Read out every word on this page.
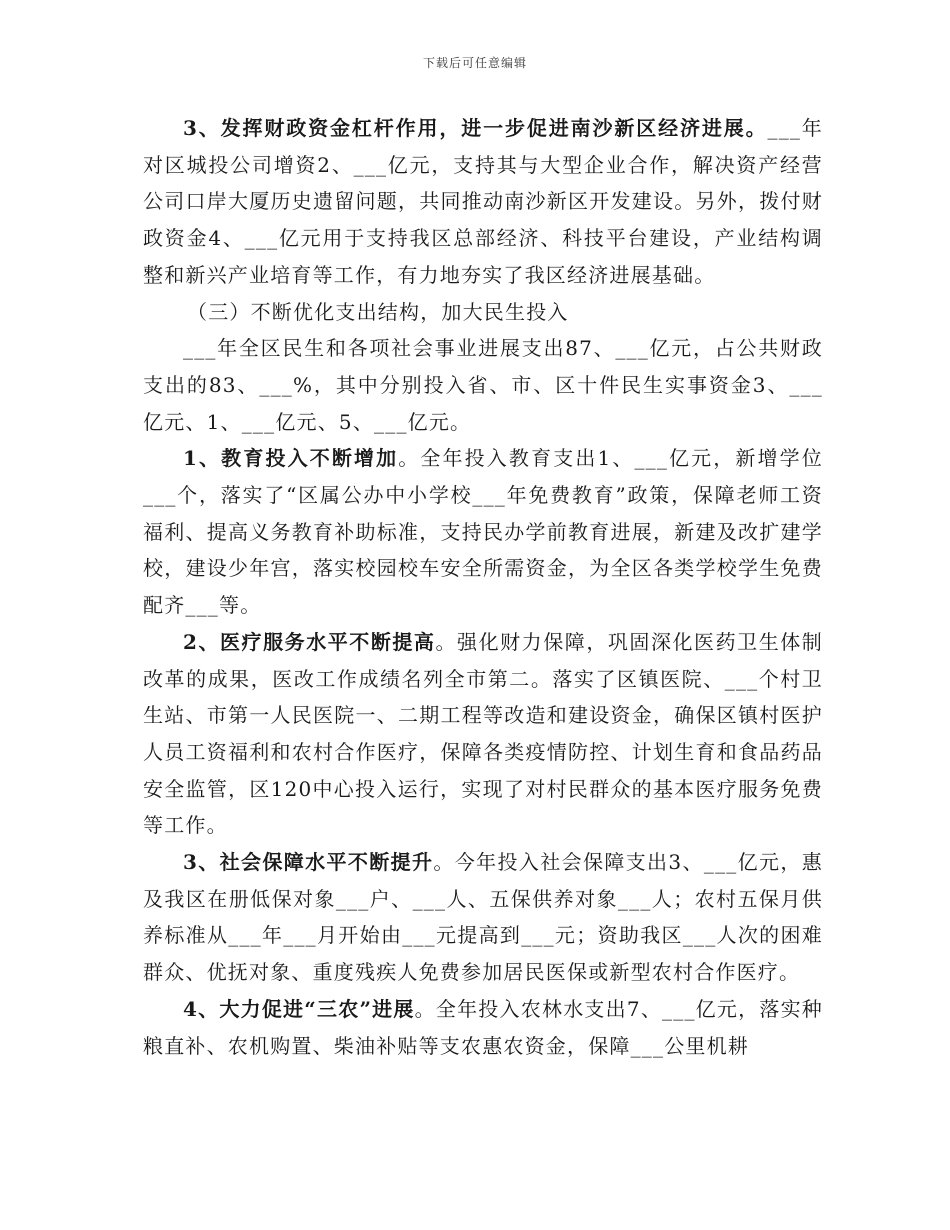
下载后可任意编辑

3、发挥财政资金杠杆作用，进一步促进南沙新区经济进展。___年对区城投公司增资2、___亿元，支持其与大型企业合作，解决资产经营公司口岸大厦历史遗留问题，共同推动南沙新区开发建设。另外，拨付财政资金4、___亿元用于支持我区总部经济、科技平台建设，产业结构调整和新兴产业培育等工作，有力地夯实了我区经济进展基础。

（三）不断优化支出结构，加大民生投入

___年全区民生和各项社会事业进展支出87、___亿元，占公共财政支出的83、___%，其中分别投入省、市、区十件民生实事资金3、___亿元、1、___亿元、5、___亿元。

1、教育投入不断增加。全年投入教育支出1、___亿元，新增学位___个，落实了“区属公办中小学校___年免费教育”政策，保障老师工资福利、提高义务教育补助标准，支持民办学前教育进展，新建及改扩建学校，建设少年宫，落实校园校车安全所需资金，为全区各类学校学生免费配齐___等。

2、医疗服务水平不断提高。强化财力保障，巩固深化医药卫生体制改革的成果，医改工作成绩名列全市第二。落实了区镇医院、___个村卫生站、市第一人民医院一、二期工程等改造和建设资金，确保区镇村医护人员工资福利和农村合作医疗，保障各类疫情防控、计划生育和食品药品安全监管，区120中心投入运行，实现了对村民群众的基本医疗服务免费等工作。

3、社会保障水平不断提升。今年投入社会保障支出3、___亿元，惠及我区在册低保对象___户、___人、五保供养对象___人；农村五保月供养标准从___年___月开始由___元提高到___元；资助我区___人次的困难群众、优抚对象、重度残疾人免费参加居民医保或新型农村合作医疗。

4、大力促进“三农”进展。全年投入农林水支出7、___亿元，落实种粮直补、农机购置、柴油补贴等支农惠农资金，保障___公里机耕
